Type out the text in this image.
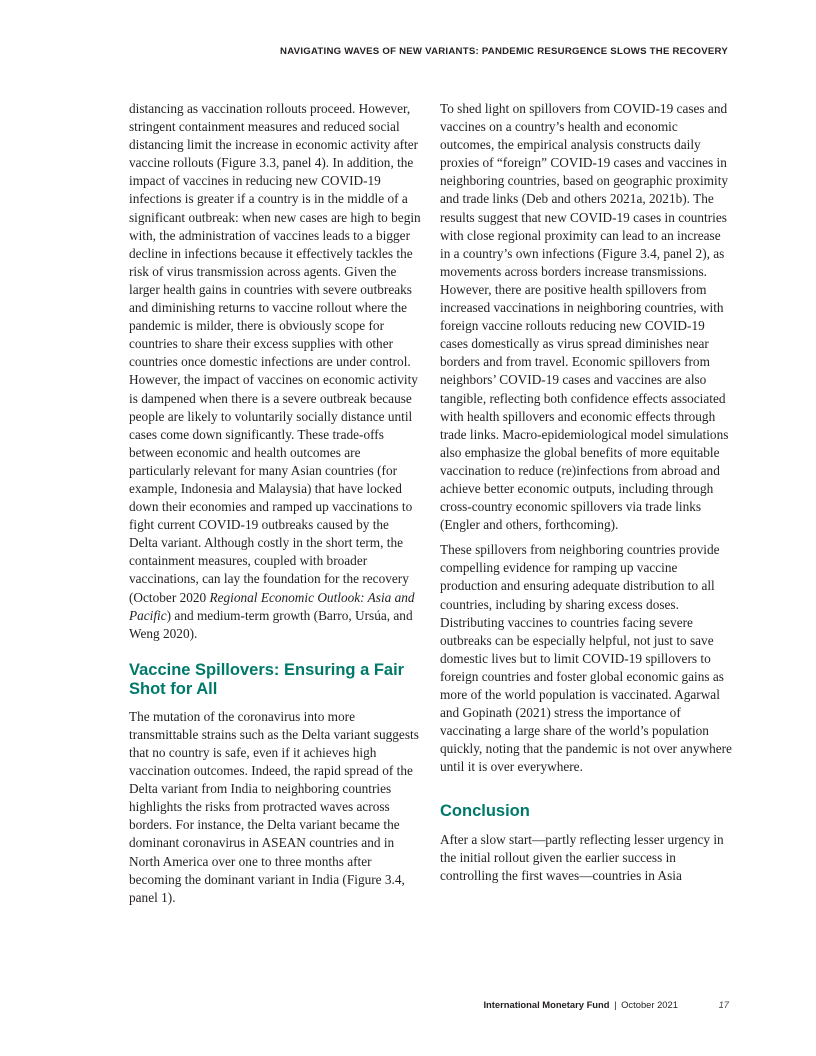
NAVIGATING WAVES OF NEW VARIANTS: PANDEMIC RESURGENCE SLOWS THE RECOVERY

distancing as vaccination rollouts proceed. However, stringent containment measures and reduced social distancing limit the increase in economic activity after vaccine rollouts (Figure 3.3, panel 4). In addition, the impact of vaccines in reducing new COVID-19 infections is greater if a country is in the middle of a significant outbreak: when new cases are high to begin with, the administration of vaccines leads to a bigger decline in infections because it effectively tackles the risk of virus transmission across agents. Given the larger health gains in countries with severe outbreaks and diminishing returns to vaccine rollout where the pandemic is milder, there is obviously scope for countries to share their excess supplies with other countries once domestic infections are under control. However, the impact of vaccines on economic activity is dampened when there is a severe outbreak because people are likely to voluntarily socially distance until cases come down significantly. These trade-offs between economic and health outcomes are particularly relevant for many Asian countries (for example, Indonesia and Malaysia) that have locked down their economies and ramped up vaccinations to fight current COVID-19 outbreaks caused by the Delta variant. Although costly in the short term, the containment measures, coupled with broader vaccinations, can lay the foundation for the recovery (October 2020 Regional Economic Outlook: Asia and Pacific) and medium-term growth (Barro, Ursúa, and Weng 2020).

Vaccine Spillovers: Ensuring a Fair Shot for All

The mutation of the coronavirus into more transmittable strains such as the Delta variant suggests that no country is safe, even if it achieves high vaccination outcomes. Indeed, the rapid spread of the Delta variant from India to neighboring countries highlights the risks from protracted waves across borders. For instance, the Delta variant became the dominant coronavirus in ASEAN countries and in North America over one to three months after becoming the dominant variant in India (Figure 3.4, panel 1).

To shed light on spillovers from COVID-19 cases and vaccines on a country’s health and economic outcomes, the empirical analysis constructs daily proxies of “foreign” COVID-19 cases and vaccines in neighboring countries, based on geographic proximity and trade links (Deb and others 2021a, 2021b). The results suggest that new COVID-19 cases in countries with close regional proximity can lead to an increase in a country’s own infections (Figure 3.4, panel 2), as movements across borders increase transmissions. However, there are positive health spillovers from increased vaccinations in neighboring countries, with foreign vaccine rollouts reducing new COVID-19 cases domestically as virus spread diminishes near borders and from travel. Economic spillovers from neighbors’ COVID-19 cases and vaccines are also tangible, reflecting both confidence effects associated with health spillovers and economic effects through trade links. Macro-epidemiological model simulations also emphasize the global benefits of more equitable vaccination to reduce (re)infections from abroad and achieve better economic outputs, including through cross-country economic spillovers via trade links (Engler and others, forthcoming).

These spillovers from neighboring countries provide compelling evidence for ramping up vaccine production and ensuring adequate distribution to all countries, including by sharing excess doses. Distributing vaccines to countries facing severe outbreaks can be especially helpful, not just to save domestic lives but to limit COVID-19 spillovers to foreign countries and foster global economic gains as more of the world population is vaccinated. Agarwal and Gopinath (2021) stress the importance of vaccinating a large share of the world’s population quickly, noting that the pandemic is not over anywhere until it is over everywhere.

Conclusion

After a slow start—partly reflecting lesser urgency in the initial rollout given the earlier success in controlling the first waves—countries in Asia

International Monetary Fund | October 2021	17
